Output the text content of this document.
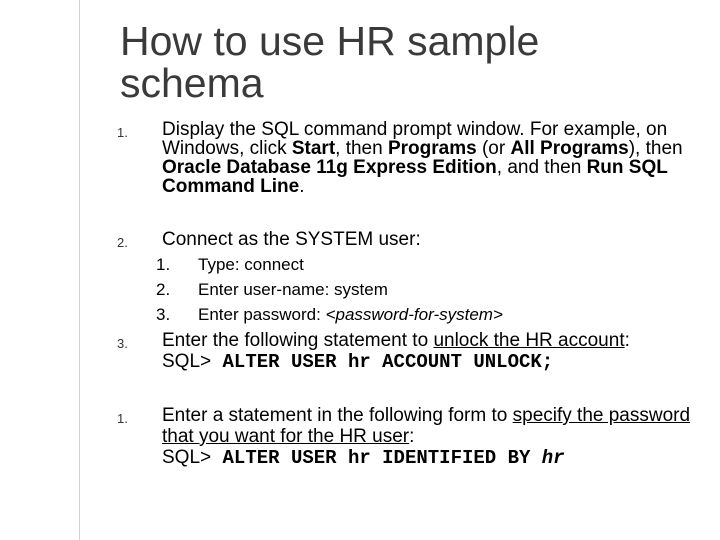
How to use HR sample schema
1. Display the SQL command prompt window. For example, on Windows, click Start, then Programs (or All Programs), then Oracle Database 11g Express Edition, and then Run SQL Command Line.
2. Connect as the SYSTEM user:
1. Type: connect
2. Enter user-name: system
3. Enter password: <password-for-system>
3. Enter the following statement to unlock the HR account:
SQL> ALTER USER hr ACCOUNT UNLOCK;
1. Enter a statement in the following form to specify the password that you want for the HR user:
SQL> ALTER USER hr IDENTIFIED BY hr
